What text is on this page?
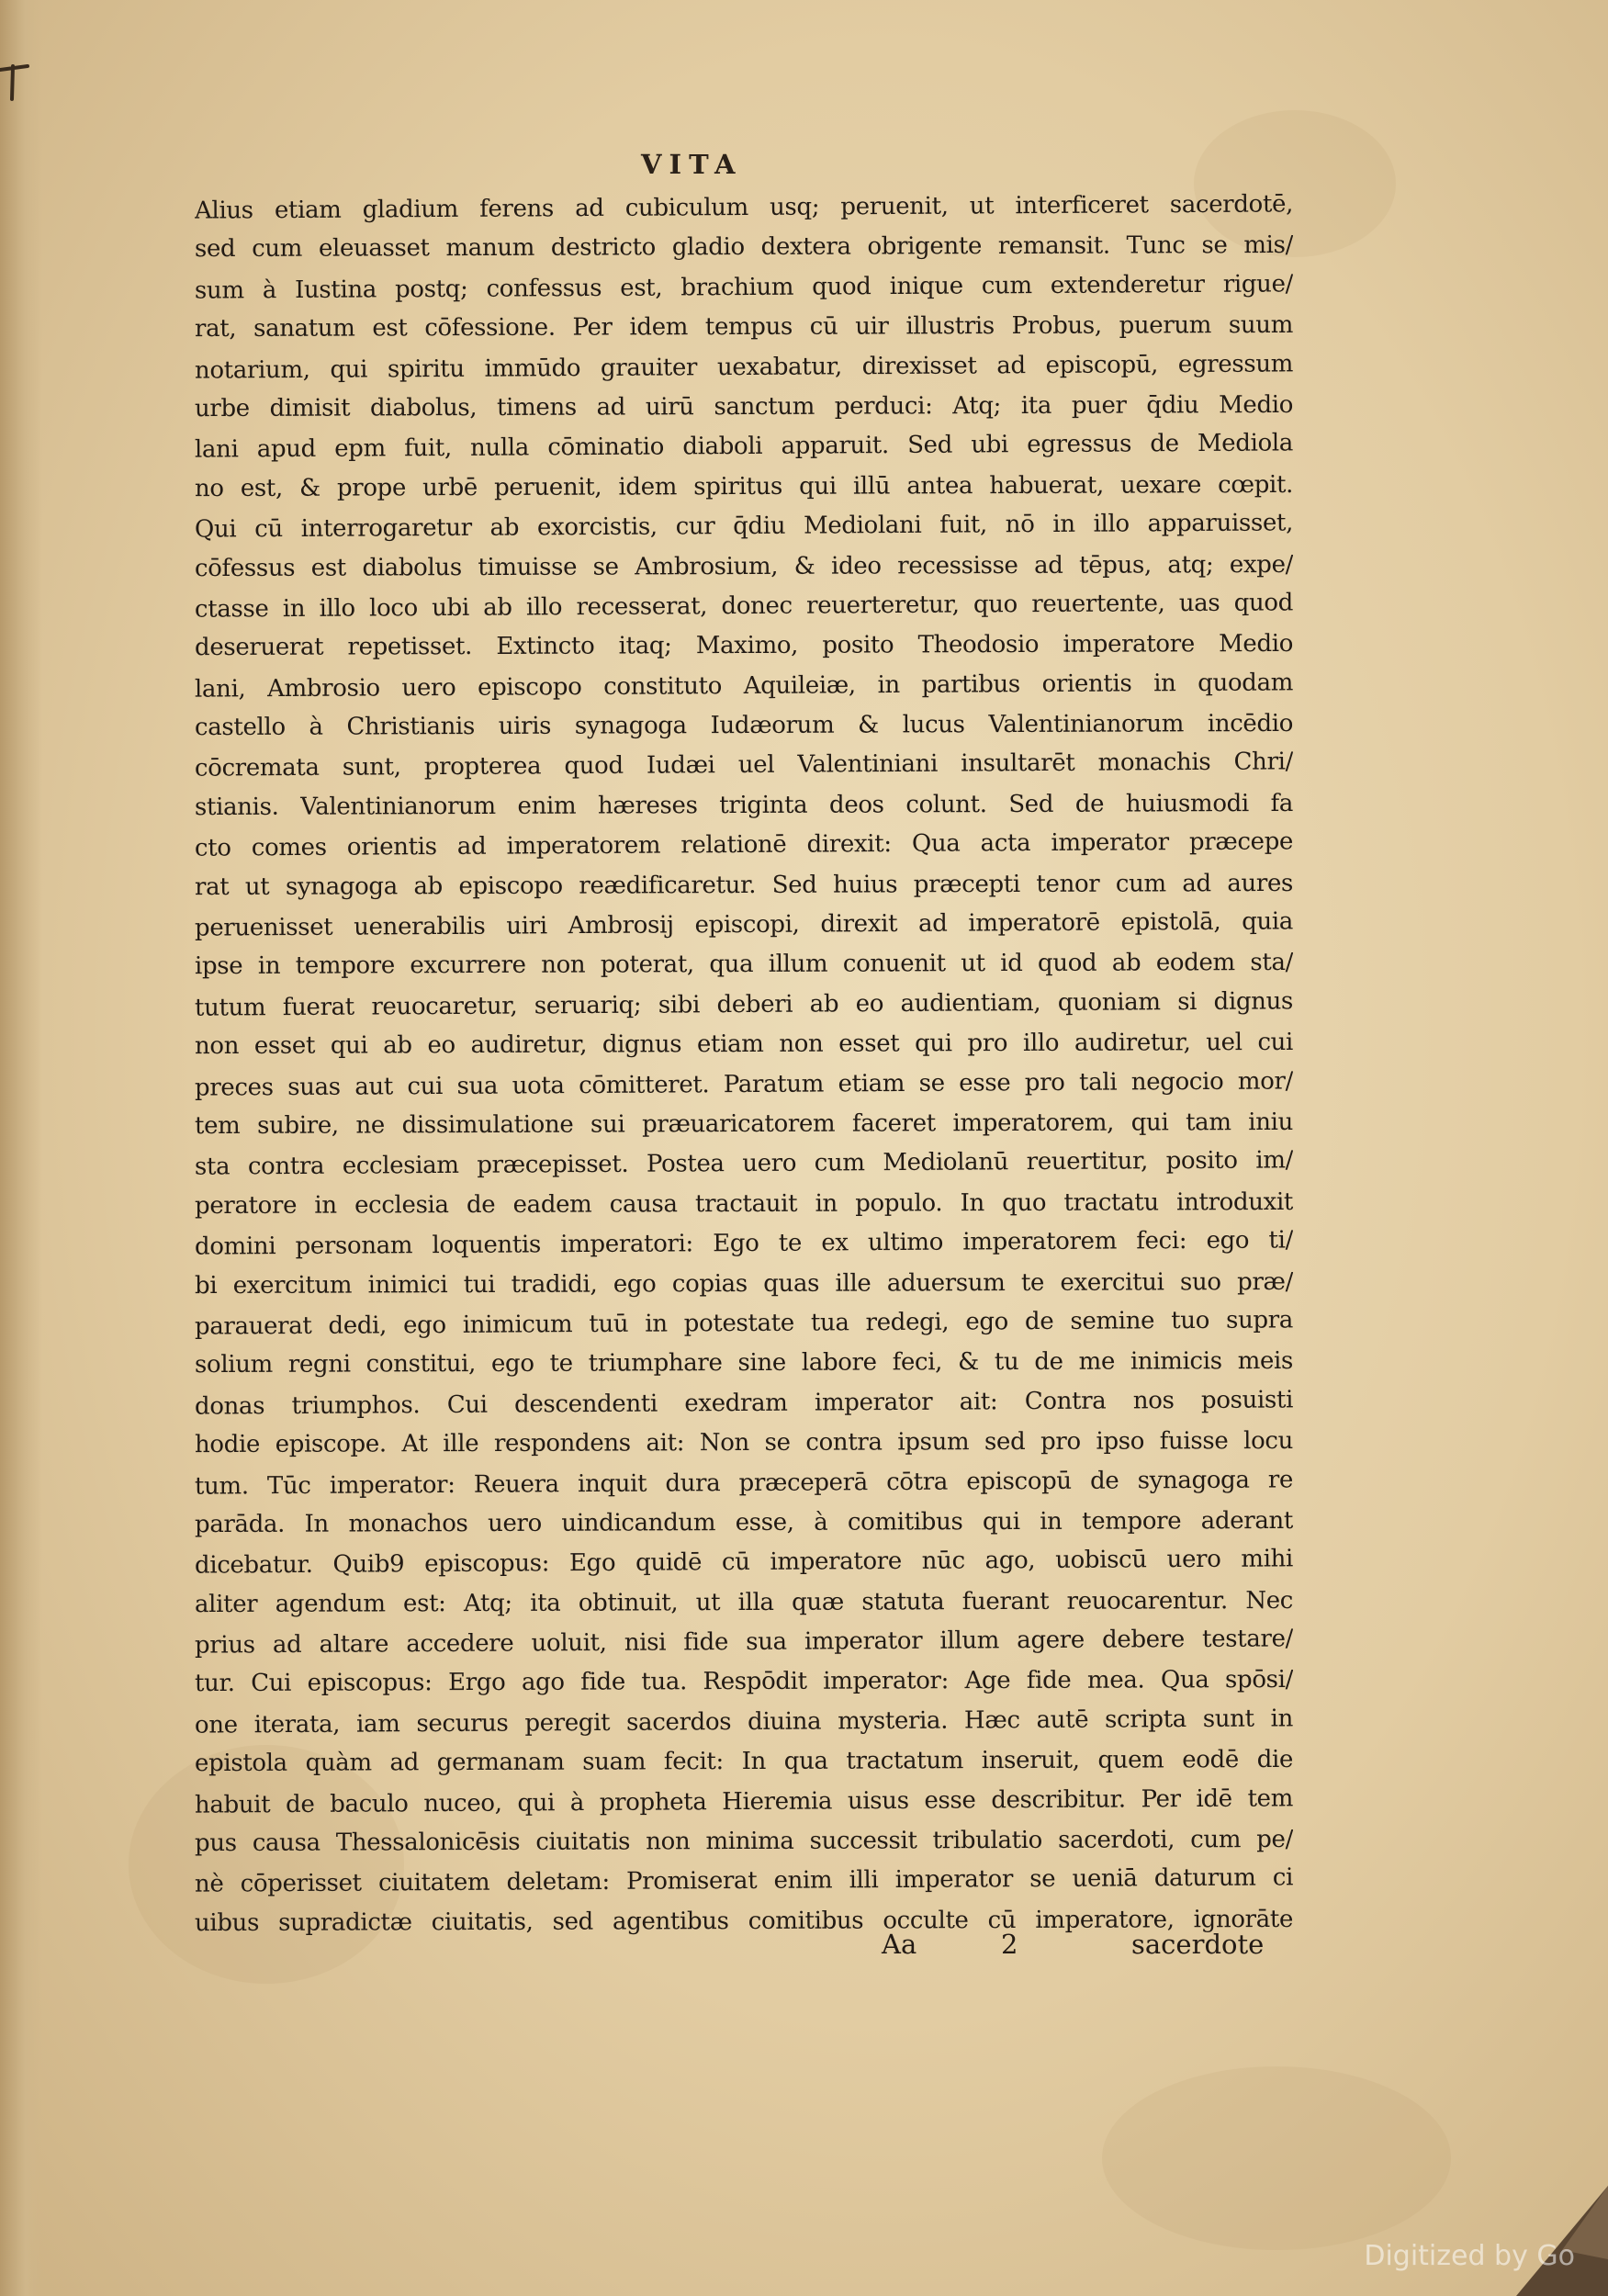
VITA
Alius etiam gladium ferens ad cubiculum usq; peruenit, ut interficeret sacerdotē,
sed cum eleuasset manum destricto gladio dextera obrigente remansit. Tunc se mis/
sum à Iustina postq; confessus est, brachium quod inique cum extenderetur rigue/
rat, sanatum est cōfessione. Per idem tempus cū uir illustris Probus, puerum suum
notarium, qui spiritu immūdo grauiter uexabatur, direxisset ad episcopū, egressum
urbe dimisit diabolus, timens ad uirū sanctum perduci: Atq; ita puer q̄diu Medio
lani apud epm fuit, nulla cōminatio diaboli apparuit. Sed ubi egressus de Mediola
no est, & prope urbē peruenit, idem spiritus qui illū antea habuerat, uexare cœpit.
Qui cū interrogaretur ab exorcistis, cur q̄diu Mediolani fuit, nō in illo apparuisset,
cōfessus est diabolus timuisse se Ambrosium, & ideo recessisse ad tēpus, atq; expe/
ctasse in illo loco ubi ab illo recesserat, donec reuerteretur, quo reuertente, uas quod
deseruerat repetisset. Extincto itaq; Maximo, posito Theodosio imperatore Medio
lani, Ambrosio uero episcopo constituto Aquileiæ, in partibus orientis in quodam
castello à Christianis uiris synagoga Iudæorum & lucus Valentinianorum incēdio
cōcremata sunt, propterea quod Iudæi uel Valentiniani insultarēt monachis Chri/
stianis. Valentinianorum enim hæreses triginta deos colunt. Sed de huiusmodi fa
cto comes orientis ad imperatorem relationē direxit: Qua acta imperator præcepe
rat ut synagoga ab episcopo reædificaretur. Sed huius præcepti tenor cum ad aures
peruenisset uenerabilis uiri Ambrosij episcopi, direxit ad imperatorē epistolā, quia
ipse in tempore excurrere non poterat, qua illum conuenit ut id quod ab eodem sta/
tutum fuerat reuocaretur, seruariq; sibi deberi ab eo audientiam, quoniam si dignus
non esset qui ab eo audiretur, dignus etiam non esset qui pro illo audiretur, uel cui
preces suas aut cui sua uota cōmitteret. Paratum etiam se esse pro tali negocio mor/
tem subire, ne dissimulatione sui præuaricatorem faceret imperatorem, qui tam iniu
sta contra ecclesiam præcepisset. Postea uero cum Mediolanū reuertitur, posito im/
peratore in ecclesia de eadem causa tractauit in populo. In quo tractatu introduxit
domini personam loquentis imperatori: Ego te ex ultimo imperatorem feci: ego ti/
bi exercitum inimici tui tradidi, ego copias quas ille aduersum te exercitui suo præ/
parauerat dedi, ego inimicum tuū in potestate tua redegi, ego de semine tuo supra
solium regni constitui, ego te triumphare sine labore feci, & tu de me inimicis meis
donas triumphos. Cui descendenti exedram imperator ait: Contra nos posuisti
hodie episcope. At ille respondens ait: Non se contra ipsum sed pro ipso fuisse locu
tum. Tūc imperator: Reuera inquit dura præceperā cōtra episcopū de synagoga re
parāda. In monachos uero uindicandum esse, à comitibus qui in tempore aderant
dicebatur. Quib9 episcopus: Ego quidē cū imperatore nūc ago, uobiscū uero mihi
aliter agendum est: Atq; ita obtinuit, ut illa quæ statuta fuerant reuocarentur. Nec
prius ad altare accedere uoluit, nisi fide sua imperator illum agere debere testare/
tur. Cui episcopus: Ergo ago fide tua. Respōdit imperator: Age fide mea. Qua spōsi/
one iterata, iam securus peregit sacerdos diuina mysteria. Hæc autē scripta sunt in
epistola quàm ad germanam suam fecit: In qua tractatum inseruit, quem eodē die
habuit de baculo nuceo, qui à propheta Hieremia uisus esse describitur. Per idē tem
pus causa Thessalonicēsis ciuitatis non minima successit tribulatio sacerdoti, cum pe/
nè cōperisset ciuitatem deletam: Promiserat enim illi imperator se ueniā daturum ci
uibus supradictæ ciuitatis, sed agentibus comitibus occulte cū imperatore, ignorāte
Aa	2	sacerdote
Digitized by Go
